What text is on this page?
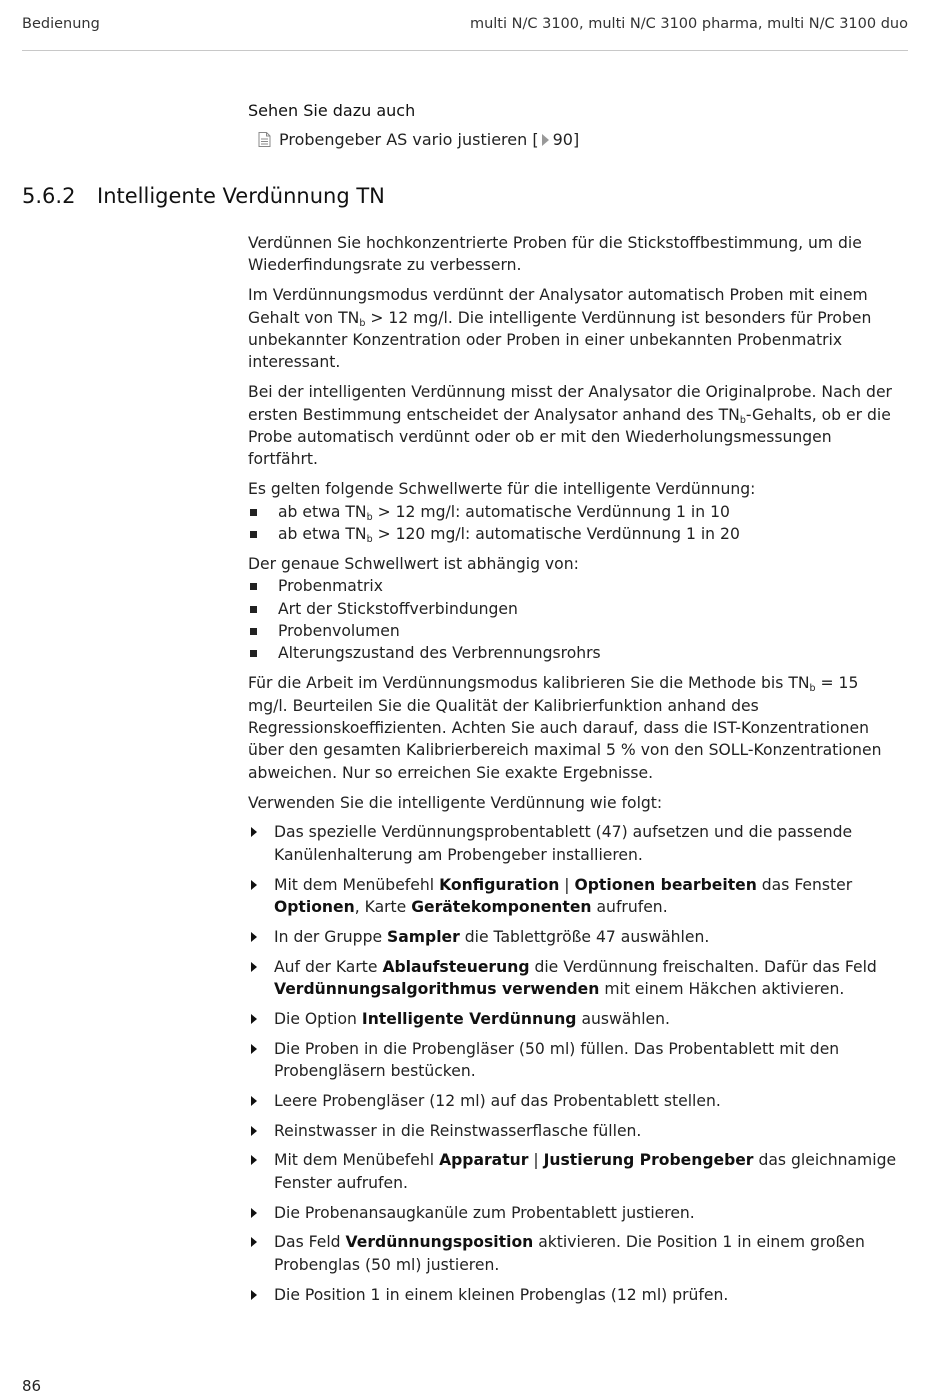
Bedienung	multi N/C 3100, multi N/C 3100 pharma, multi N/C 3100 duo
Sehen Sie dazu auch
Probengeber AS vario justieren [ 90]
5.6.2 Intelligente Verdünnung TN

Verdünnen Sie hochkonzentrierte Proben für die Stickstoffbestimmung, um die Wiederfindungsrate zu verbessern.

Im Verdünnungsmodus verdünnt der Analysator automatisch Proben mit einem Gehalt von $TN_b > 12$ mg/l. Die intelligente Verdünnung ist besonders für Proben unbekannter Konzentration oder Proben in einer unbekannten Probenmatrix interessant.

Bei der intelligenten Verdünnung misst der Analysator die Originalprobe. Nach der ersten Bestimmung entscheidet der Analysator anhand des $TN_b$-Gehalts, ob er die Probe automatisch verdünnt oder ob er mit den Wiederholungsmessungen fortfährt.

Es gelten folgende Schwellwerte für die intelligente Verdünnung:
ab etwa $TN_b > 12$ mg/l: automatische Verdünnung 1 in 10
ab etwa $TN_b > 120$ mg/l: automatische Verdünnung 1 in 20
Der genaue Schwellwert ist abhängig von:
Probenmatrix
Art der Stickstoffverbindungen
Probenvolumen
Alterungszustand des Verbrennungsrohrs

Für die Arbeit im Verdünnungsmodus kalibrieren Sie die Methode bis $TN_b = 15$ mg/l. Beurteilen Sie die Qualität der Kalibrierfunktion anhand des Regressionskoeffizienten. Achten Sie auch darauf, dass die IST-Konzentrationen über den gesamten Kalibrierbereich maximal 5 % von den SOLL-Konzentrationen abweichen. Nur so erreichen Sie exakte Ergebnisse.

Verwenden Sie die intelligente Verdünnung wie folgt:

Das spezielle Verdünnungsprobentablett (47) aufsetzen und die passende Kanülenhalterung am Probengeber installieren.
Mit dem Menübefehl Konfiguration | Optionen bearbeiten das Fenster Optionen, Karte Gerätekomponenten aufrufen.
In der Gruppe Sampler die Tablettgröße 47 auswählen.
Auf der Karte Ablaufsteuerung die Verdünnung freischalten. Dafür das Feld Verdünnungsalgorithmus verwenden mit einem Häkchen aktivieren.
Die Option Intelligente Verdünnung auswählen.
Die Proben in die Probengläser (50 ml) füllen. Das Probentablett mit den Probengläsern bestücken.
Leere Probengläser (12 ml) auf das Probentablett stellen.
Reinstwasser in die Reinstwasserflasche füllen.
Mit dem Menübefehl Apparatur | Justierung Probengeber das gleichnamige Fenster aufrufen.
Die Probenansaugkanüle zum Probentablett justieren.
Das Feld Verdünnungsposition aktivieren. Die Position 1 in einem großen Probenglas (50 ml) justieren.
Die Position 1 in einem kleinen Probenglas (12 ml) prüfen.
86
